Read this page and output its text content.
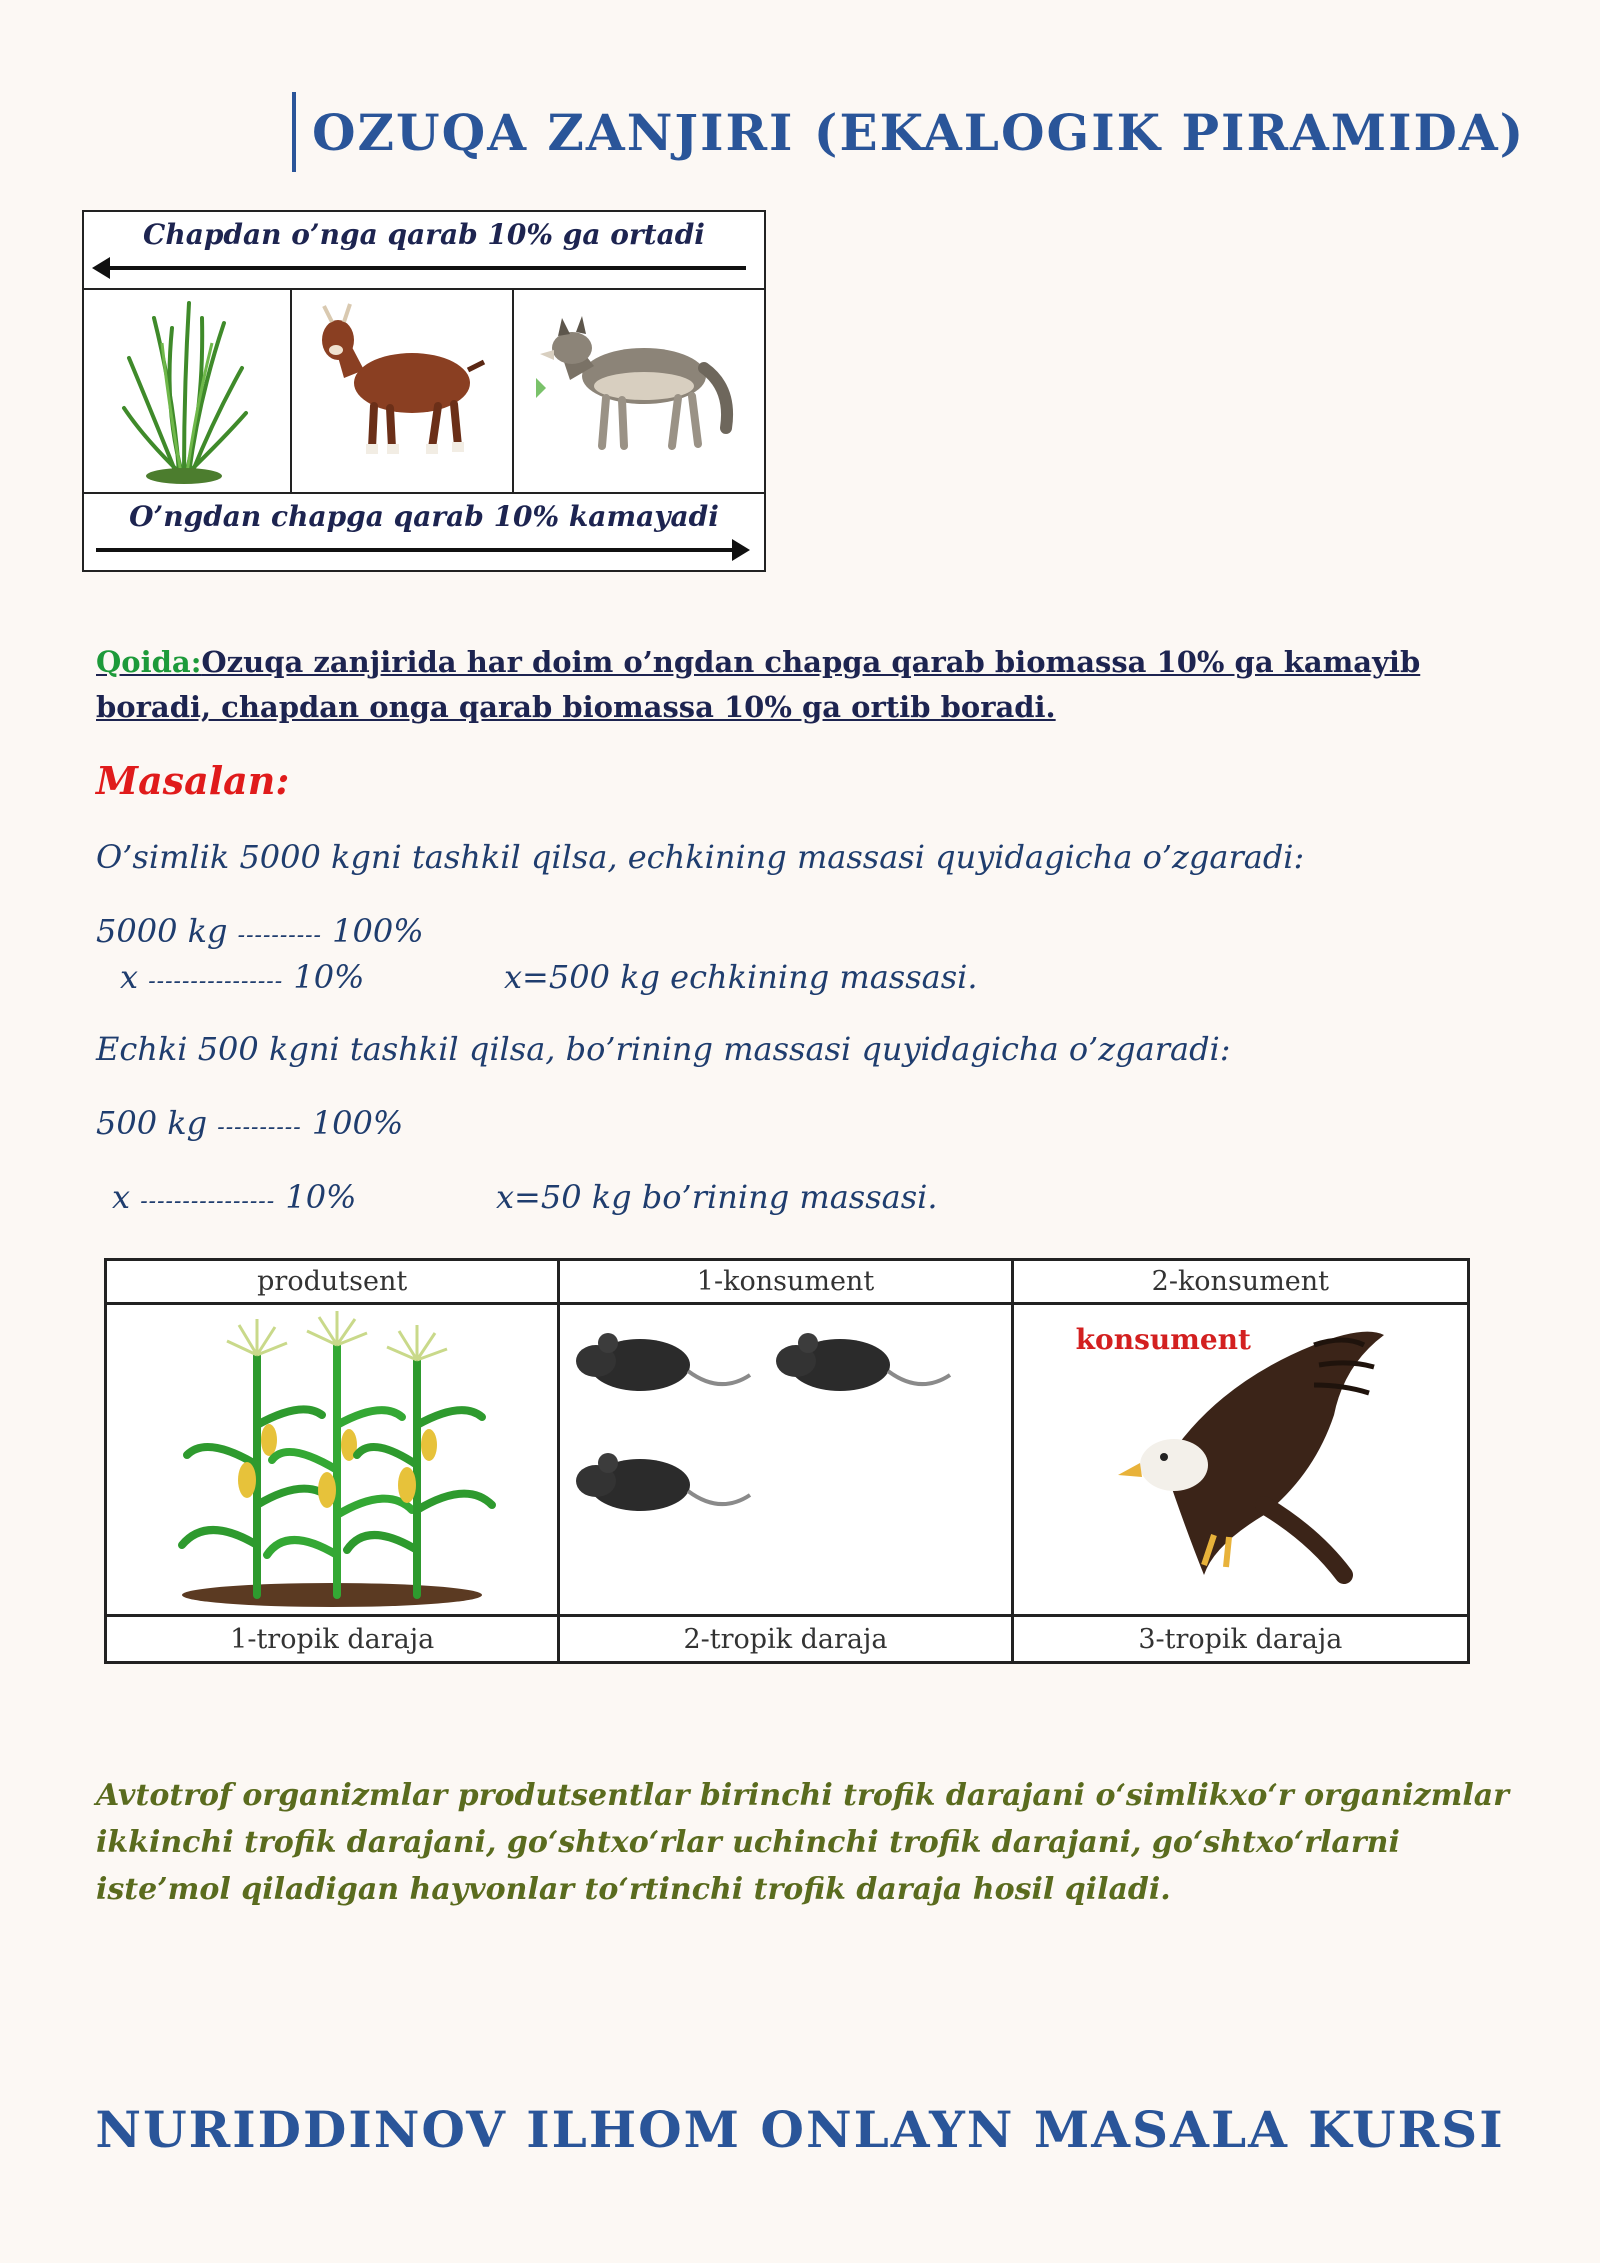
OZUQA ZANJIRI (EKALOGIK PIRAMIDA)
Chapdan o’nga qarab 10% ga ortadi
O’ngdan chapga qarab 10% kamayadi
Qoida:Ozuqa zanjirida har doim o’ngdan chapga qarab biomassa 10% ga kamayib boradi, chapdan onga qarab biomassa 10% ga ortib boradi.
Masalan:
O’simlik 5000 kgni tashkil qilsa, echkining massasi quyidagicha o’zgaradi:
5000 kg ---------- 100%
x ---------------- 10%	x=500 kg echkining massasi.
Echki 500 kgni tashkil qilsa, bo’rining massasi quyidagicha o’zgaradi:
500 kg ---------- 100%
x ---------------- 10%	x=50 kg bo’rining massasi.
produtsent	1-konsument	2-konsument
konsument
1-tropik daraja	2-tropik daraja	3-tropik daraja
Avtotrof organizmlar produtsentlar birinchi trofik darajani o‘simlikxo‘r organizmlar ikkinchi trofik darajani, go‘shtxo‘rlar uchinchi trofik darajani, go‘shtxo‘rlarni iste’mol qiladigan hayvonlar to‘rtinchi trofik daraja hosil qiladi.
NURIDDINOV ILHOM ONLAYN MASALA KURSI
